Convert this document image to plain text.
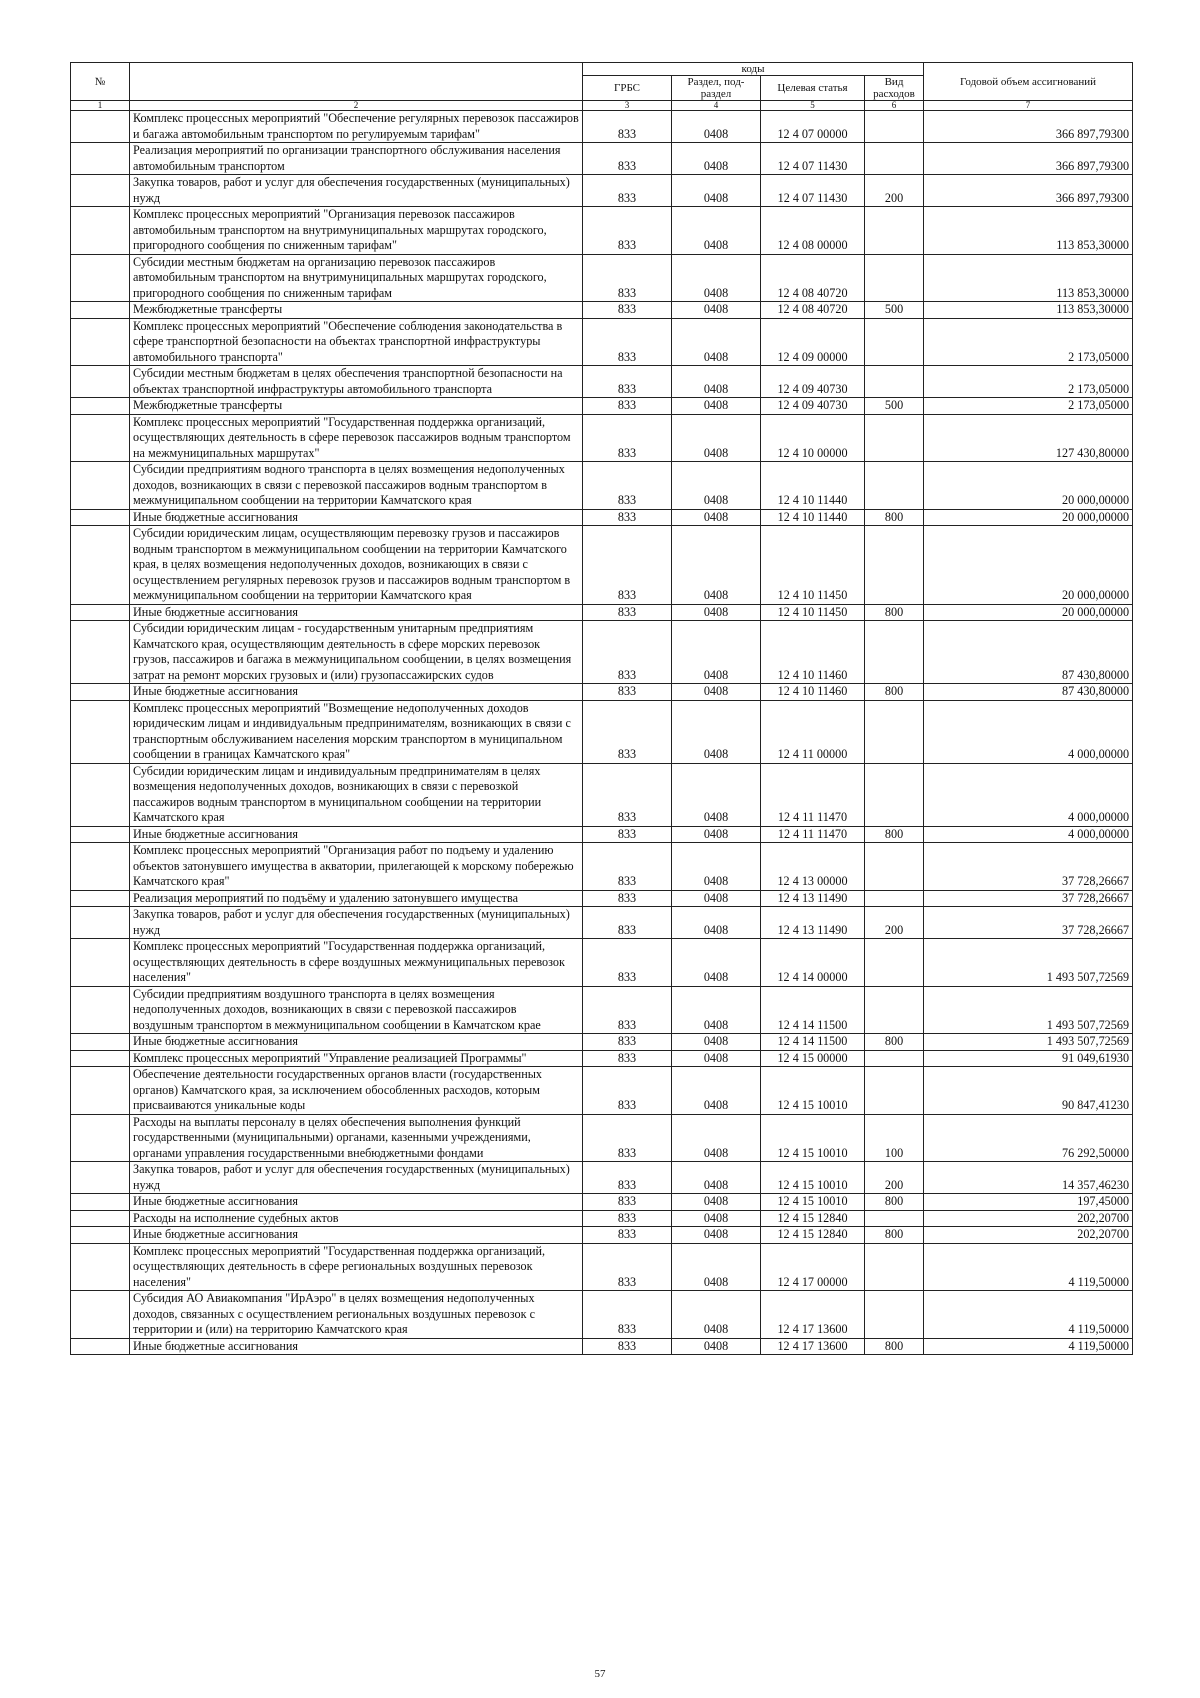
№		коды				Годовой объем ассигнований
		ГРБС	Раздел, под-раздел	Целевая статья	Вид расходов	
1	2	3	4	5	6	7
	Комплекс процессных мероприятий "Обеспечение регулярных перевозок пассажиров и багажа автомобильным транспортом по регулируемым тарифам"	833	0408	12 4 07 00000		366 897,79300
	Реализация мероприятий по организации транспортного обслуживания населения автомобильным транспортом	833	0408	12 4 07 11430		366 897,79300
	Закупка товаров, работ и услуг для обеспечения государственных (муниципальных) нужд	833	0408	12 4 07 11430	200	366 897,79300
	Комплекс процессных мероприятий "Организация перевозок пассажиров автомобильным транспортом на внутримуниципальных маршрутах городского, пригородного сообщения по сниженным тарифам"	833	0408	12 4 08 00000		113 853,30000
	Субсидии местным бюджетам на организацию перевозок пассажиров автомобильным транспортом на внутримуниципальных маршрутах городского, пригородного сообщения по сниженным тарифам	833	0408	12 4 08 40720		113 853,30000
	Межбюджетные трансферты	833	0408	12 4 08 40720	500	113 853,30000
	Комплекс процессных мероприятий "Обеспечение соблюдения законодательства в сфере транспортной безопасности на объектах транспортной инфраструктуры автомобильного транспорта"	833	0408	12 4 09 00000		2 173,05000
	Субсидии местным бюджетам в целях обеспечения транспортной безопасности на объектах транспортной инфраструктуры автомобильного транспорта	833	0408	12 4 09 40730		2 173,05000
	Межбюджетные трансферты	833	0408	12 4 09 40730	500	2 173,05000
	Комплекс процессных мероприятий "Государственная поддержка организаций, осуществляющих деятельность в сфере перевозок пассажиров водным транспортом на межмуниципальных маршрутах"	833	0408	12 4 10 00000		127 430,80000
	Субсидии предприятиям водного транспорта в целях возмещения недополученных доходов, возникающих в связи с перевозкой пассажиров водным транспортом в межмуниципальном сообщении на территории Камчатского края	833	0408	12 4 10 11440		20 000,00000
	Иные бюджетные ассигнования	833	0408	12 4 10 11440	800	20 000,00000
	Субсидии юридическим лицам, осуществляющим перевозку грузов и пассажиров водным транспортом в межмуниципальном сообщении на территории Камчатского края, в целях возмещения недополученных доходов, возникающих в связи с осуществлением регулярных перевозок грузов и пассажиров водным транспортом в межмуниципальном сообщении на территории Камчатского края	833	0408	12 4 10 11450		20 000,00000
	Иные бюджетные ассигнования	833	0408	12 4 10 11450	800	20 000,00000
	Субсидии юридическим лицам - государственным унитарным предприятиям Камчатского края, осуществляющим деятельность в сфере морских перевозок грузов, пассажиров и багажа в межмуниципальном сообщении, в целях возмещения затрат на ремонт морских грузовых и (или) грузопассажирских судов	833	0408	12 4 10 11460		87 430,80000
	Иные бюджетные ассигнования	833	0408	12 4 10 11460	800	87 430,80000
	Комплекс процессных мероприятий "Возмещение недополученных доходов юридическим лицам и индивидуальным предпринимателям, возникающих в связи с транспортным обслуживанием населения морским транспортом в муниципальном сообщении в границах Камчатского края"	833	0408	12 4 11 00000		4 000,00000
	Субсидии юридическим лицам и индивидуальным предпринимателям в целях возмещения недополученных доходов, возникающих в связи с перевозкой пассажиров водным транспортом в муниципальном сообщении на территории Камчатского края	833	0408	12 4 11 11470		4 000,00000
	Иные бюджетные ассигнования	833	0408	12 4 11 11470	800	4 000,00000
	Комплекс процессных мероприятий "Организация работ по подъему и удалению объектов затонувшего имущества в акватории, прилегающей к морскому побережью Камчатского края"	833	0408	12 4 13 00000		37 728,26667
	Реализация мероприятий по подъёму и удалению затонувшего имущества	833	0408	12 4 13 11490		37 728,26667
	Закупка товаров, работ и услуг для обеспечения государственных (муниципальных) нужд	833	0408	12 4 13 11490	200	37 728,26667
	Комплекс процессных мероприятий "Государственная поддержка организаций, осуществляющих деятельность в сфере воздушных межмуниципальных перевозок населения"	833	0408	12 4 14 00000		1 493 507,72569
	Субсидии предприятиям воздушного транспорта в целях возмещения недополученных доходов, возникающих в связи с перевозкой пассажиров воздушным транспортом в межмуниципальном сообщении в Камчатском крае	833	0408	12 4 14 11500		1 493 507,72569
	Иные бюджетные ассигнования	833	0408	12 4 14 11500	800	1 493 507,72569
	Комплекс процессных мероприятий "Управление реализацией Программы"	833	0408	12 4 15 00000		91 049,61930
	Обеспечение деятельности государственных органов власти (государственных органов) Камчатского края, за исключением обособленных расходов, которым присваиваются уникальные коды	833	0408	12 4 15 10010		90 847,41230
	Расходы на выплаты персоналу в целях обеспечения выполнения функций государственными (муниципальными) органами, казенными учреждениями, органами управления государственными внебюджетными фондами	833	0408	12 4 15 10010	100	76 292,50000
	Закупка товаров, работ и услуг для обеспечения государственных (муниципальных) нужд	833	0408	12 4 15 10010	200	14 357,46230
	Иные бюджетные ассигнования	833	0408	12 4 15 10010	800	197,45000
	Расходы на исполнение судебных актов	833	0408	12 4 15 12840		202,20700
	Иные бюджетные ассигнования	833	0408	12 4 15 12840	800	202,20700
	Комплекс процессных мероприятий "Государственная поддержка организаций, осуществляющих деятельность в сфере региональных воздушных перевозок населения"	833	0408	12 4 17 00000		4 119,50000
	Субсидия АО Авиакомпания "ИрАэро" в целях возмещения недополученных доходов, связанных с осуществлением региональных воздушных перевозок с территории и (или) на территорию Камчатского края	833	0408	12 4 17 13600		4 119,50000
	Иные бюджетные ассигнования	833	0408	12 4 17 13600	800	4 119,50000
57
